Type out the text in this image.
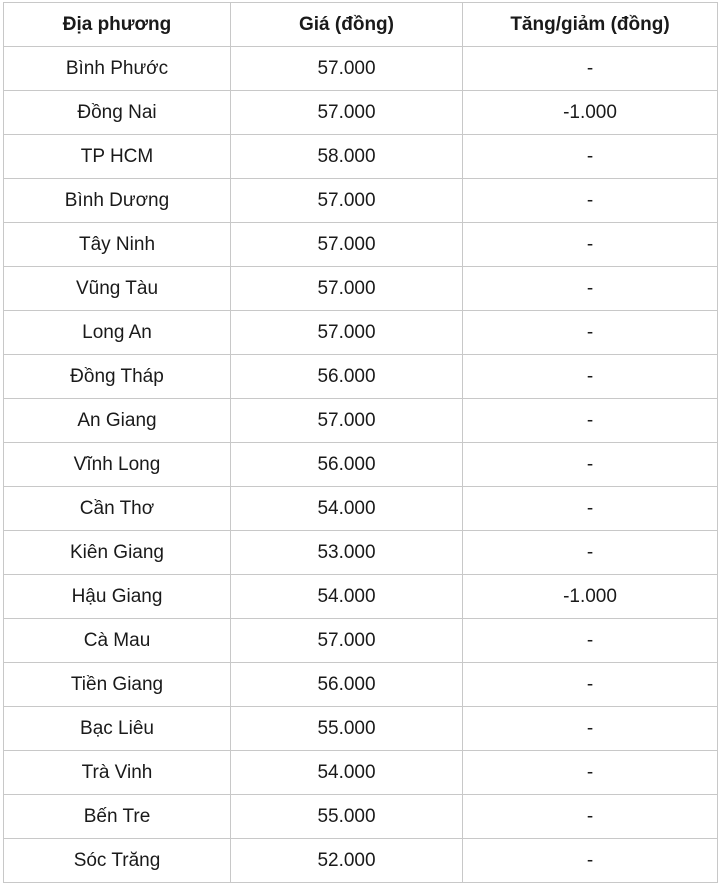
Địa phương	Giá (đồng)	Tăng/giảm (đồng)
Bình Phước	57.000	-
Đồng Nai	57.000	-1.000
TP HCM	58.000	-
Bình Dương	57.000	-
Tây Ninh	57.000	-
Vũng Tàu	57.000	-
Long An	57.000	-
Đồng Tháp	56.000	-
An Giang	57.000	-
Vĩnh Long	56.000	-
Cần Thơ	54.000	-
Kiên Giang	53.000	-
Hậu Giang	54.000	-1.000
Cà Mau	57.000	-
Tiền Giang	56.000	-
Bạc Liêu	55.000	-
Trà Vinh	54.000	-
Bến Tre	55.000	-
Sóc Trăng	52.000	-
